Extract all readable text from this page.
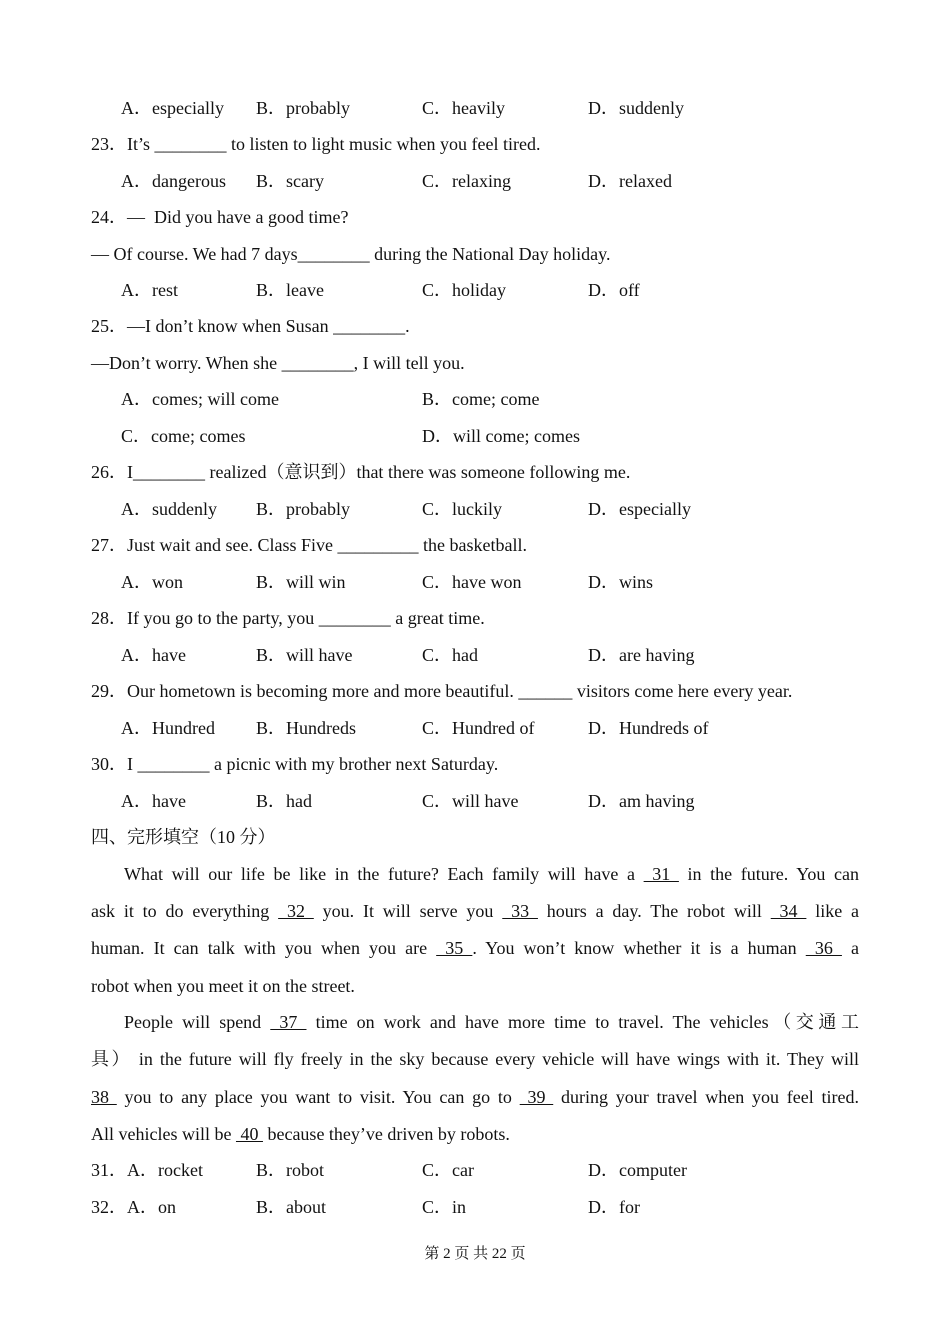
A．especially B．probably	C．heavily	D．suddenly
23．It’s ________ to listen to light music when you feel tired.
A．dangerous B．scary	C．relaxing	D．relaxed
24．—  Did you have a good time?
— Of course. We had 7 days________ during the National Day holiday.
A．rest	B．leave	C．holiday	D．off
25．—I don’t know when Susan ________.
—Don’t worry. When she ________, I will tell you.
A．comes; will come	B．come; come
C．come; comes	D．will come; comes
26．I________ realized（意识到）that there was someone following me.
A．suddenly B．probably	C．luckily	D．especially
27．Just wait and see. Class Five _________ the basketball.
A．won	B．will win	C．have won	D．wins
28．If you go to the party, you ________ a great time.
A．have	B．will have	C．had	D．are having
29．Our hometown is becoming more and more beautiful. ______ visitors come here every year.
A．Hundred B．Hundreds	C．Hundred of	D．Hundreds of
30．I ________ a picnic with my brother next Saturday.
A．have	B．had	C．will have	D．am having
四、完形填空（10 分）
What will our life be like in the future? Each family will have a  31  in the future. You can
ask it to do everything  32  you. It will serve you  33  hours a day. The robot will  34  like a
human. It can talk with you when you are  35 . You won’t know whether it is a human  36  a
robot when you meet it on the street.
People will spend  37  time on work and have more time to travel. The vehicles（交通工
具） in the future will fly freely in the sky because every vehicle will have wings with it. They will
38  you to any place you want to visit. You can go to  39  during your travel when you feel tired.
All vehicles will be  40  because they’ve driven by robots.
31．A．rocket	B．robot	C．car	D．computer
32．A．on	B．about	C．in	D．for
第 2 页 共 22 页
